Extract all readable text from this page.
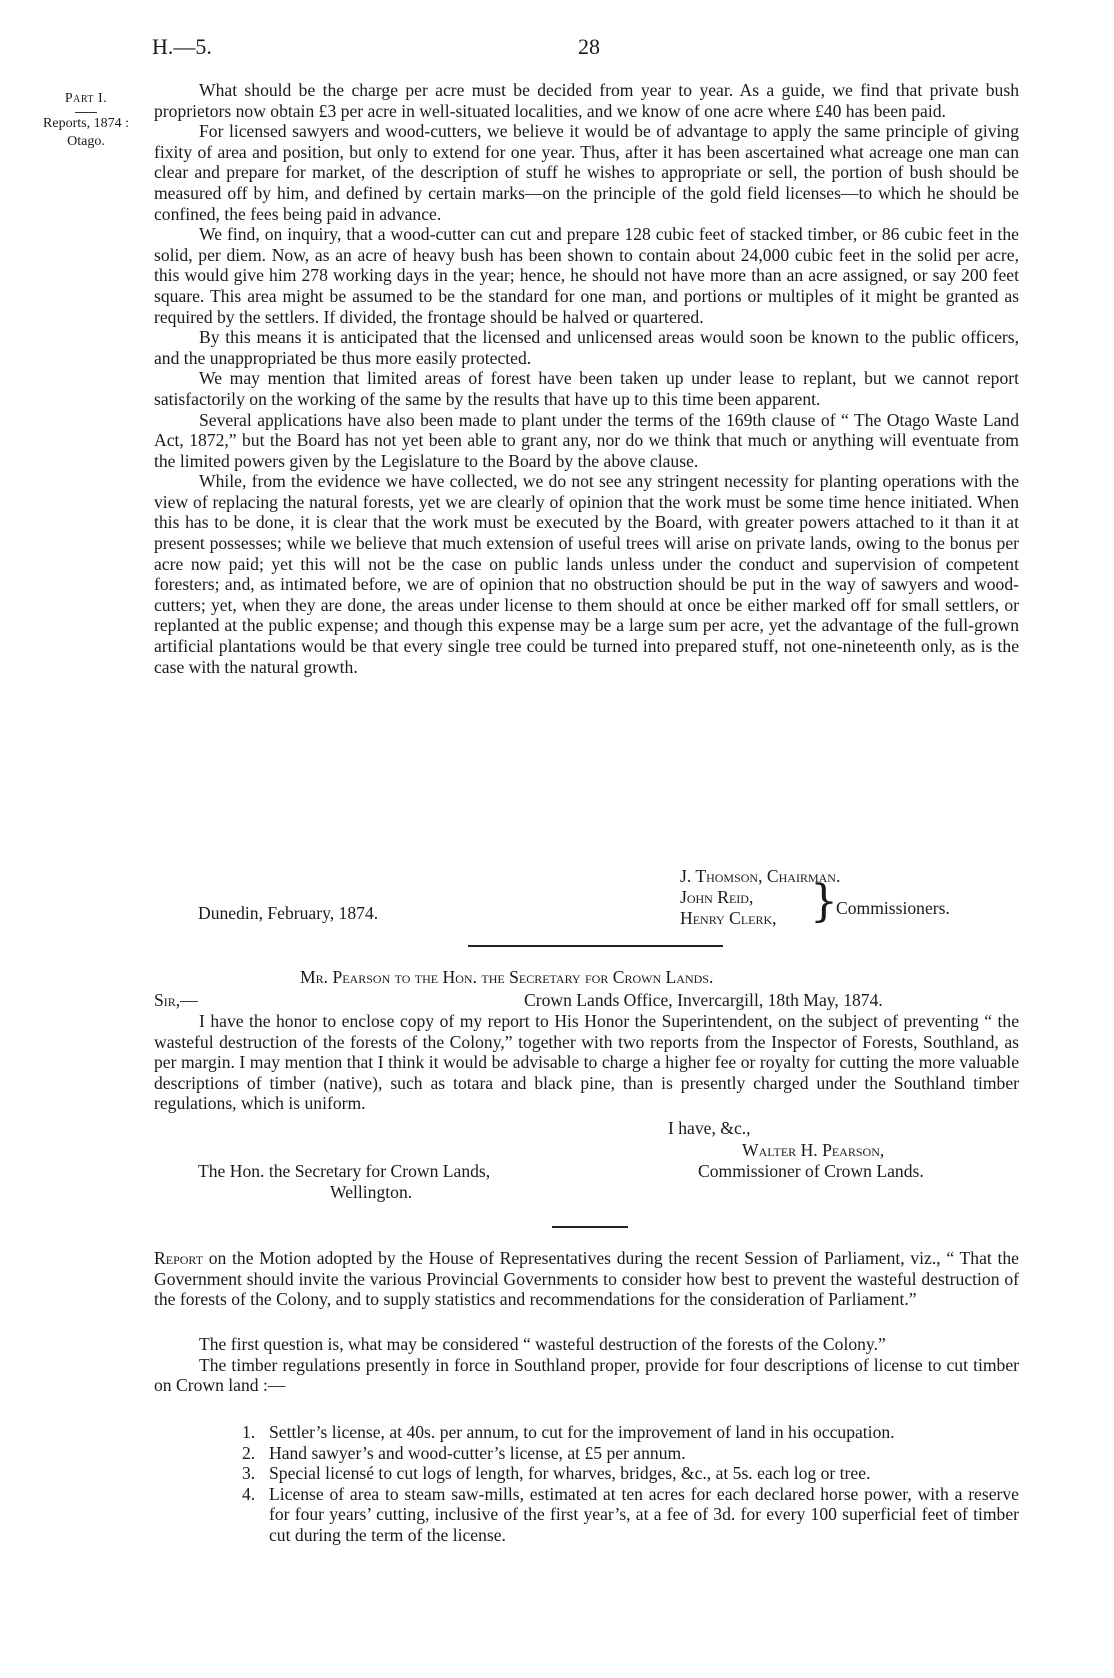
H.—5.	28
Part I.
Reports, 1874 :
Otago.

What should be the charge per acre must be decided from year to year. As a guide, we find that private bush proprietors now obtain £3 per acre in well-situated localities, and we know of one acre where £40 has been paid.

For licensed sawyers and wood-cutters, we believe it would be of advantage to apply the same principle of giving fixity of area and position, but only to extend for one year. Thus, after it has been ascertained what acreage one man can clear and prepare for market, of the description of stuff he wishes to appropriate or sell, the portion of bush should be measured off by him, and defined by certain marks—on the principle of the gold field licenses—to which he should be confined, the fees being paid in advance.

We find, on inquiry, that a wood-cutter can cut and prepare 128 cubic feet of stacked timber, or 86 cubic feet in the solid, per diem. Now, as an acre of heavy bush has been shown to contain about 24,000 cubic feet in the solid per acre, this would give him 278 working days in the year; hence, he should not have more than an acre assigned, or say 200 feet square. This area might be assumed to be the standard for one man, and portions or multiples of it might be granted as required by the settlers. If divided, the frontage should be halved or quartered.

By this means it is anticipated that the licensed and unlicensed areas would soon be known to the public officers, and the unappropriated be thus more easily protected.

We may mention that limited areas of forest have been taken up under lease to replant, but we cannot report satisfactorily on the working of the same by the results that have up to this time been apparent.

Several applications have also been made to plant under the terms of the 169th clause of “ The Otago Waste Land Act, 1872,” but the Board has not yet been able to grant any, nor do we think that much or anything will eventuate from the limited powers given by the Legislature to the Board by the above clause.

While, from the evidence we have collected, we do not see any stringent necessity for planting operations with the view of replacing the natural forests, yet we are clearly of opinion that the work must be some time hence initiated. When this has to be done, it is clear that the work must be executed by the Board, with greater powers attached to it than it at present possesses; while we believe that much extension of useful trees will arise on private lands, owing to the bonus per acre now paid; yet this will not be the case on public lands unless under the conduct and supervision of competent foresters; and, as intimated before, we are of opinion that no obstruction should be put in the way of sawyers and wood-cutters; yet, when they are done, the areas under license to them should at once be either marked off for small settlers, or replanted at the public expense; and though this expense may be a large sum per acre, yet the advantage of the full-grown artificial plantations would be that every single tree could be turned into prepared stuff, not one-nineteenth only, as is the case with the natural growth.

J. Thomson, Chairman.
John Reid,
Henry Clerk, }
Commissioners.
Dunedin, February, 1874.
Mr. Pearson to the Hon. the Secretary for Crown Lands.
Sir,—	Crown Lands Office, Invercargill, 18th May, 1874.

I have the honor to enclose copy of my report to His Honor the Superintendent, on the subject of preventing “ the wasteful destruction of the forests of the Colony,” together with two reports from the Inspector of Forests, Southland, as per margin. I may mention that I think it would be advisable to charge a higher fee or royalty for cutting the more valuable descriptions of timber (native), such as totara and black pine, than is presently charged under the Southland timber regulations, which is uniform.

I have, &c.,
Walter H. Pearson,
Commissioner of Crown Lands.
The Hon. the Secretary for Crown Lands,
Wellington.
Report on the Motion adopted by the House of Representatives during the recent Session of Parliament, viz., “ That the Government should invite the various Provincial Governments to consider how best to prevent the wasteful destruction of the forests of the Colony, and to supply statistics and recommendations for the consideration of Parliament.”

The first question is, what may be considered “ wasteful destruction of the forests of the Colony.”

The timber regulations presently in force in Southland proper, provide for four descriptions of license to cut timber on Crown land :—

1. Settler’s license, at 40s. per annum, to cut for the improvement of land in his occupation.
2. Hand sawyer’s and wood-cutter’s license, at £5 per annum.
3. Special licensé to cut logs of length, for wharves, bridges, &c., at 5s. each log or tree.
4. License of area to steam saw-mills, estimated at ten acres for each declared horse power, with a reserve for four years’ cutting, inclusive of the first year’s, at a fee of 3d. for every 100 superficial feet of timber cut during the term of the license.
